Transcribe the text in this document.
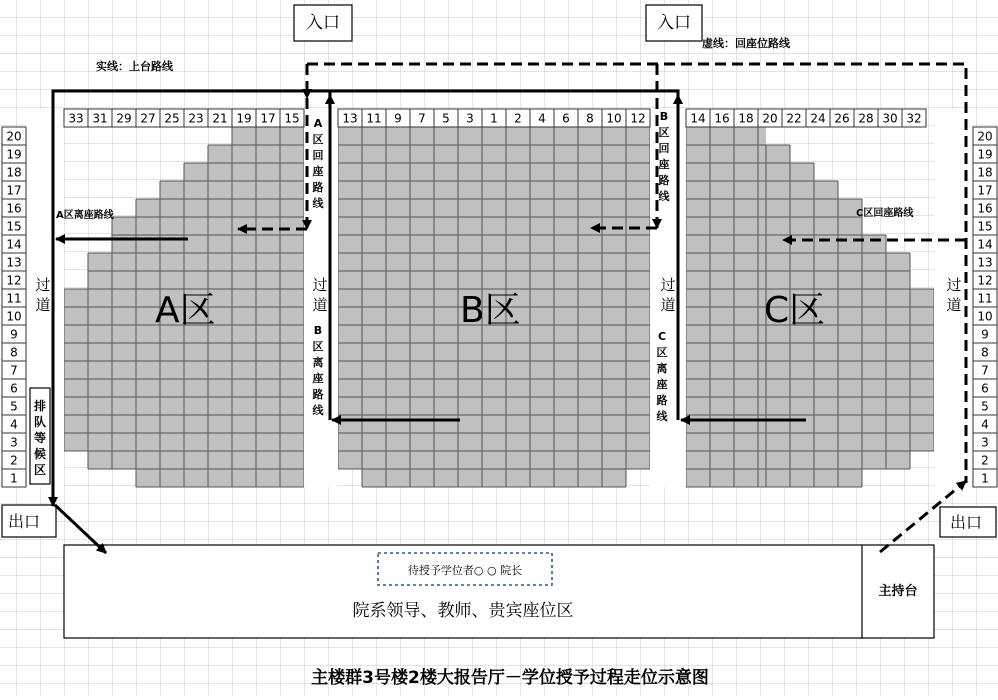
33 31 29 27 25 23 21 19 17 15	13 11 9 7 5 3 1 2 4 6 8 10 12	14 16 18 20 22 24 26 28 30 32
20
19
18
17
16
15
14
13
12
11
10
9
8
7
6
5
4
3
2
1
20
19
18
17
16
15
14
13
12
11
10
9
8
7
6
5
4
3
2
1
入口	入口
实线：上台路线
虚线：回座位路线
出口	出口
待授予学位者○ ○ 院长
院系领导、教师、贵宾座位区
主持台
主楼群3号楼2楼大报告厅－学位授予过程走位示意图
A区	B区	C区
A区离座路线	C区回座路线
过道
过道
过道
过道
A 区回座路线
B 区回座路线
B 区离座路线
C 区离座路线
排队等候区
